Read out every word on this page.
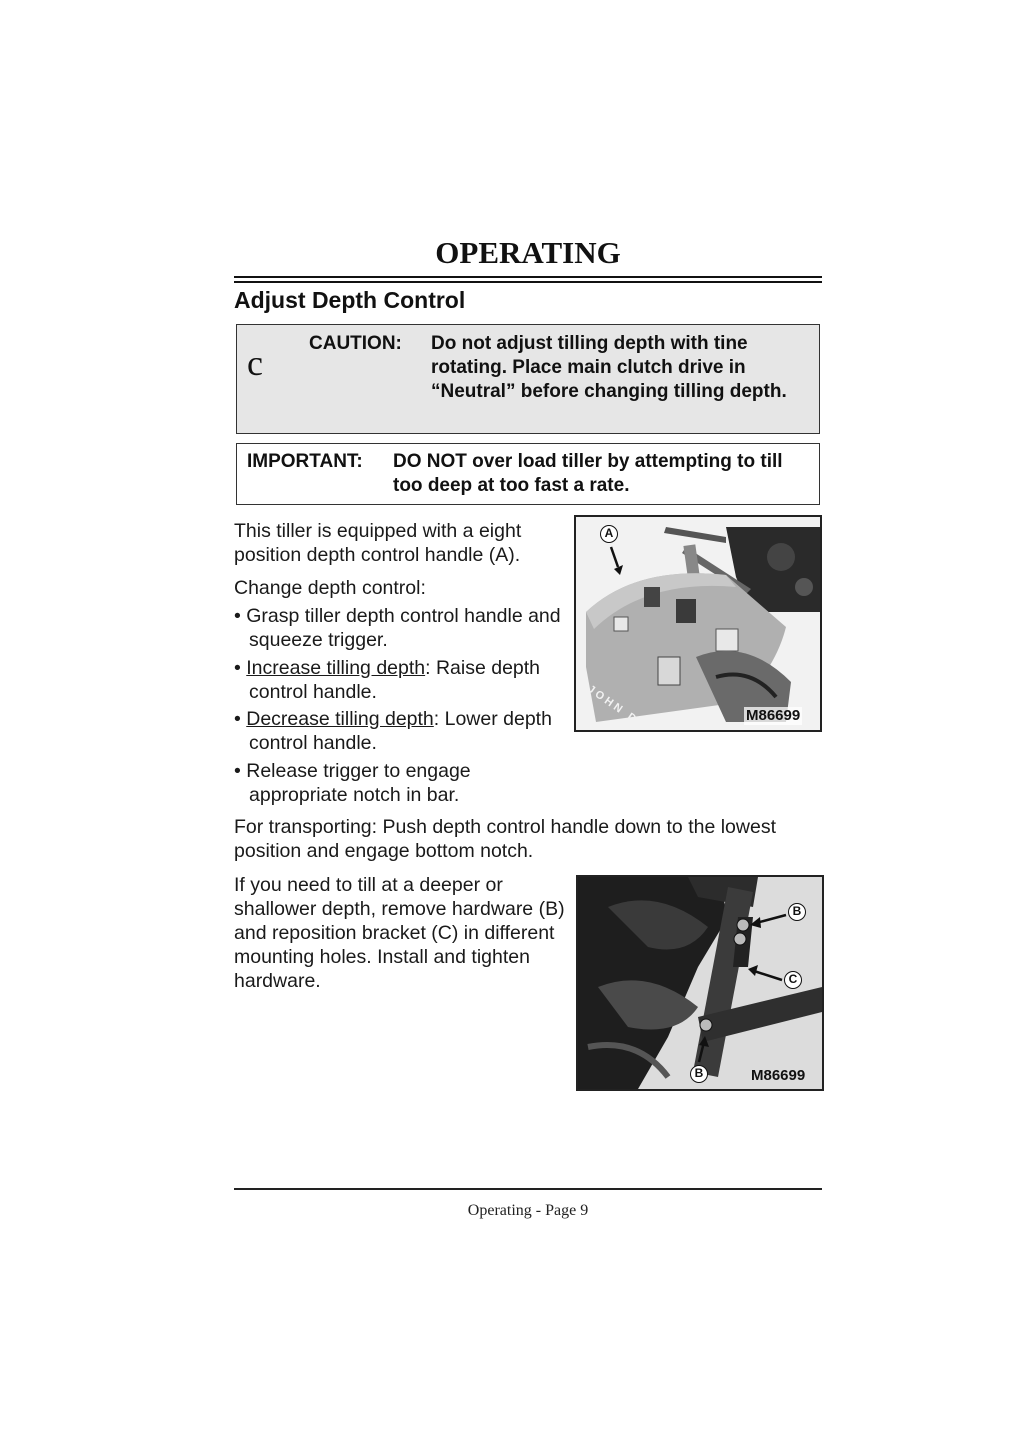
OPERATING
Adjust Depth Control
c CAUTION: Do not adjust tilling depth with tine rotating. Place main clutch drive in “Neutral” before changing tilling depth.
IMPORTANT: DO NOT over load tiller by attempting to till too deep at too fast a rate.
This tiller is equipped with a eight position depth control handle (A).
Change depth control:
• Grasp tiller depth control handle and squeeze trigger.
• Increase tilling depth: Raise depth control handle.
• Decrease tilling depth: Lower depth control handle.
• Release trigger to engage appropriate notch in bar.
For transporting: Push depth control handle down to the lowest position and engage bottom notch.
If you need to till at a deeper or shallower depth, remove hardware (B) and reposition bracket (C) in different mounting holes. Install and tighten hardware.
A
M86699
B
C
B	M86699
Operating - Page 9
